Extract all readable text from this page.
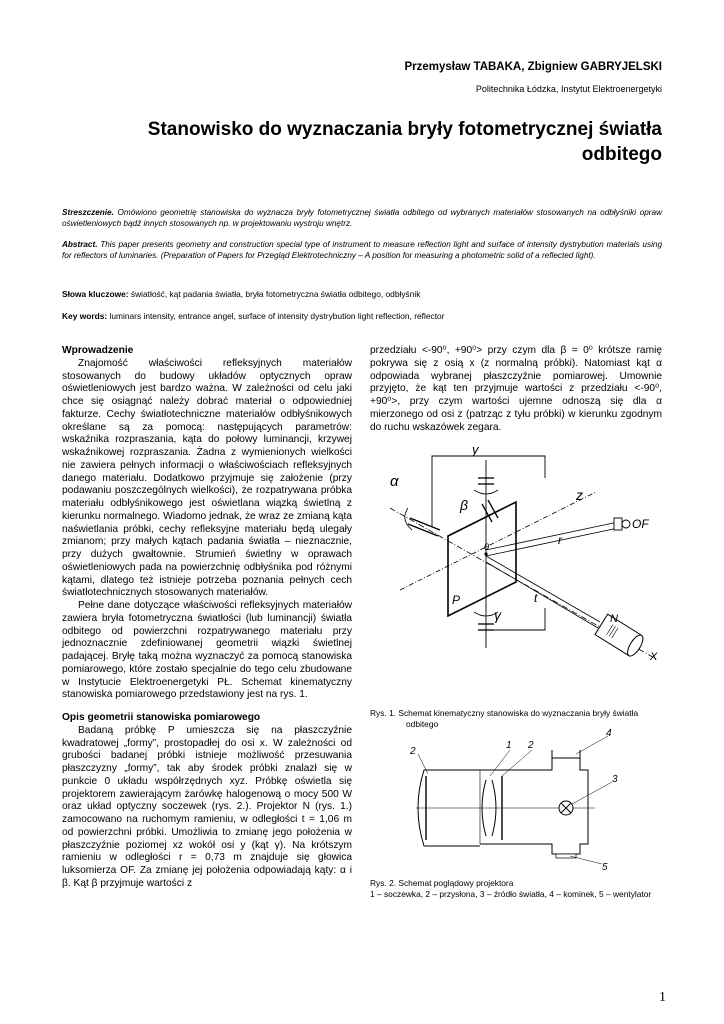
Przemysław TABAKA, Zbigniew GABRYJELSKI
Politechnika Łódzka, Instytut Elektroenergetyki
Stanowisko do wyznaczania bryły fotometrycznej światła odbitego
Streszczenie. Omówiono geometrię stanowiska do wyznacza bryły fotometrycznej światła odbitego od wybranych materiałów stosowanych na odbłyśniki opraw oświetleniowych bądź innych stosowanych np. w projektowaniu wystroju wnętrz.
Abstract. This paper presents geometry and construction special type of instrument to measure reflection light and surface of intensity dystrybution materials using for reflectors of luminaries. (Preparation of Papers for Przegląd Elektrotechniczny – A position for measuring a photometric solid of a reflected light).
Słowa kluczowe: światłość, kąt padania światła, bryła fotometryczna światła odbitego, odbłyśnik
Key words: luminars intensity, entrance angel, surface of intensity dystrybution light reflection, reflector
Wprowadzenie

Znajomość właściwości refleksyjnych materiałów stosowanych do budowy układów optycznych opraw oświetleniowych jest bardzo ważna. W zależności od celu jaki chce się osiągnąć należy dobrać materiał o odpowiedniej fakturze. Cechy światłotechniczne materiałów odbłyśnikowych określane są za pomocą: następujących parametrów: wskaźnika rozpraszania, kąta do połowy luminancji, krzywej wskaźnikowej rozpraszania. Żadna z wymienionych wielkości nie zawiera pełnych informacji o właściwościach refleksyjnych danego materiału. Dodatkowo przyjmuje się założenie (przy podawaniu poszczególnych wielkości), że rozpatrywana próbka materiału odbłyśnikowego jest oświetlana wiązką świetlną z kierunku normalnego. Wiadomo jednak, że wraz ze zmianą kąta naświetlania próbki, cechy refleksyjne materiału będą ulegały zmianom; przy małych kątach padania światła – nieznacznie, przy dużych gwałtownie. Strumień świetlny w oprawach oświetleniowych pada na powierzchnię odbłyśnika pod różnymi kątami, dlatego też istnieje potrzeba poznania pełnych cech światłotechnicznych stosowanych materiałów.

Pełne dane dotyczące właściwości refleksyjnych materiałów zawiera bryła fotometryczna światłości (lub luminancji) światła odbitego od powierzchni rozpatrywanego materiału przy jednoznacznie zdefiniowanej geometrii wiązki świetlnej padającej. Bryłę taką można wyznaczyć za pomocą stanowiska pomiarowego, które zostało specjalnie do tego celu zbudowane w Instytucie Elektroenergetyki PŁ. Schemat kinematyczny stanowiska pomiarowego przedstawiony jest na rys. 1.

Opis geometrii stanowiska pomiarowego

Badaną próbkę P umieszcza się na płaszczyźnie kwadratowej „formy”, prostopadłej do osi x. W zależności od grubości badanej próbki istnieje możliwość przesuwania płaszczyzny „formy”, tak aby środek próbki znalazł się w punkcie 0 układu współrzędnych xyz. Próbkę oświetla się projektorem zawierającym żarówkę halogenową o mocy 500 W oraz układ optyczny soczewek (rys. 2.). Projektor N (rys. 1.) zamocowano na ruchomym ramieniu, w odległości t = 1,06 m od powierzchni próbki. Umożliwia to zmianę jego położenia w płaszczyźnie poziomej xz wokół osi y (kąt γ). Na krótszym ramieniu w odległości r = 0,73 m znajduje się głowica luksomierza OF. Za zmianę jej położenia odpowiadają kąty: α i β. Kąt β przyjmuje wartości z

przedziału <-90⁰, +90⁰> przy czym dla β = 0⁰ krótsze ramię pokrywa się z osią x (z normalną próbki). Natomiast kąt α odpowiada wybranej płaszczyźnie pomiarowej. Umownie przyjęto, że kąt ten przyjmuje wartości z przedziału <-90⁰, +90⁰>, przy czym wartości ujemne odnoszą się dla α mierzonego od osi z (patrząc z tyłu próbki) w kierunku zgodnym do ruchu wskazówek zegara.

y
α
z
β
OF
r
0
t
P
γ	N
X
Rys. 1. Schemat kinematyczny stanowiska do wyznaczania bryły światła odbitego
2
1 2
4
3
5
Rys. 2. Schemat poglądowy projektora
1 – soczewka, 2 – przysłona, 3 – źródło światła, 4 – kominek, 5 – wentylator
1
